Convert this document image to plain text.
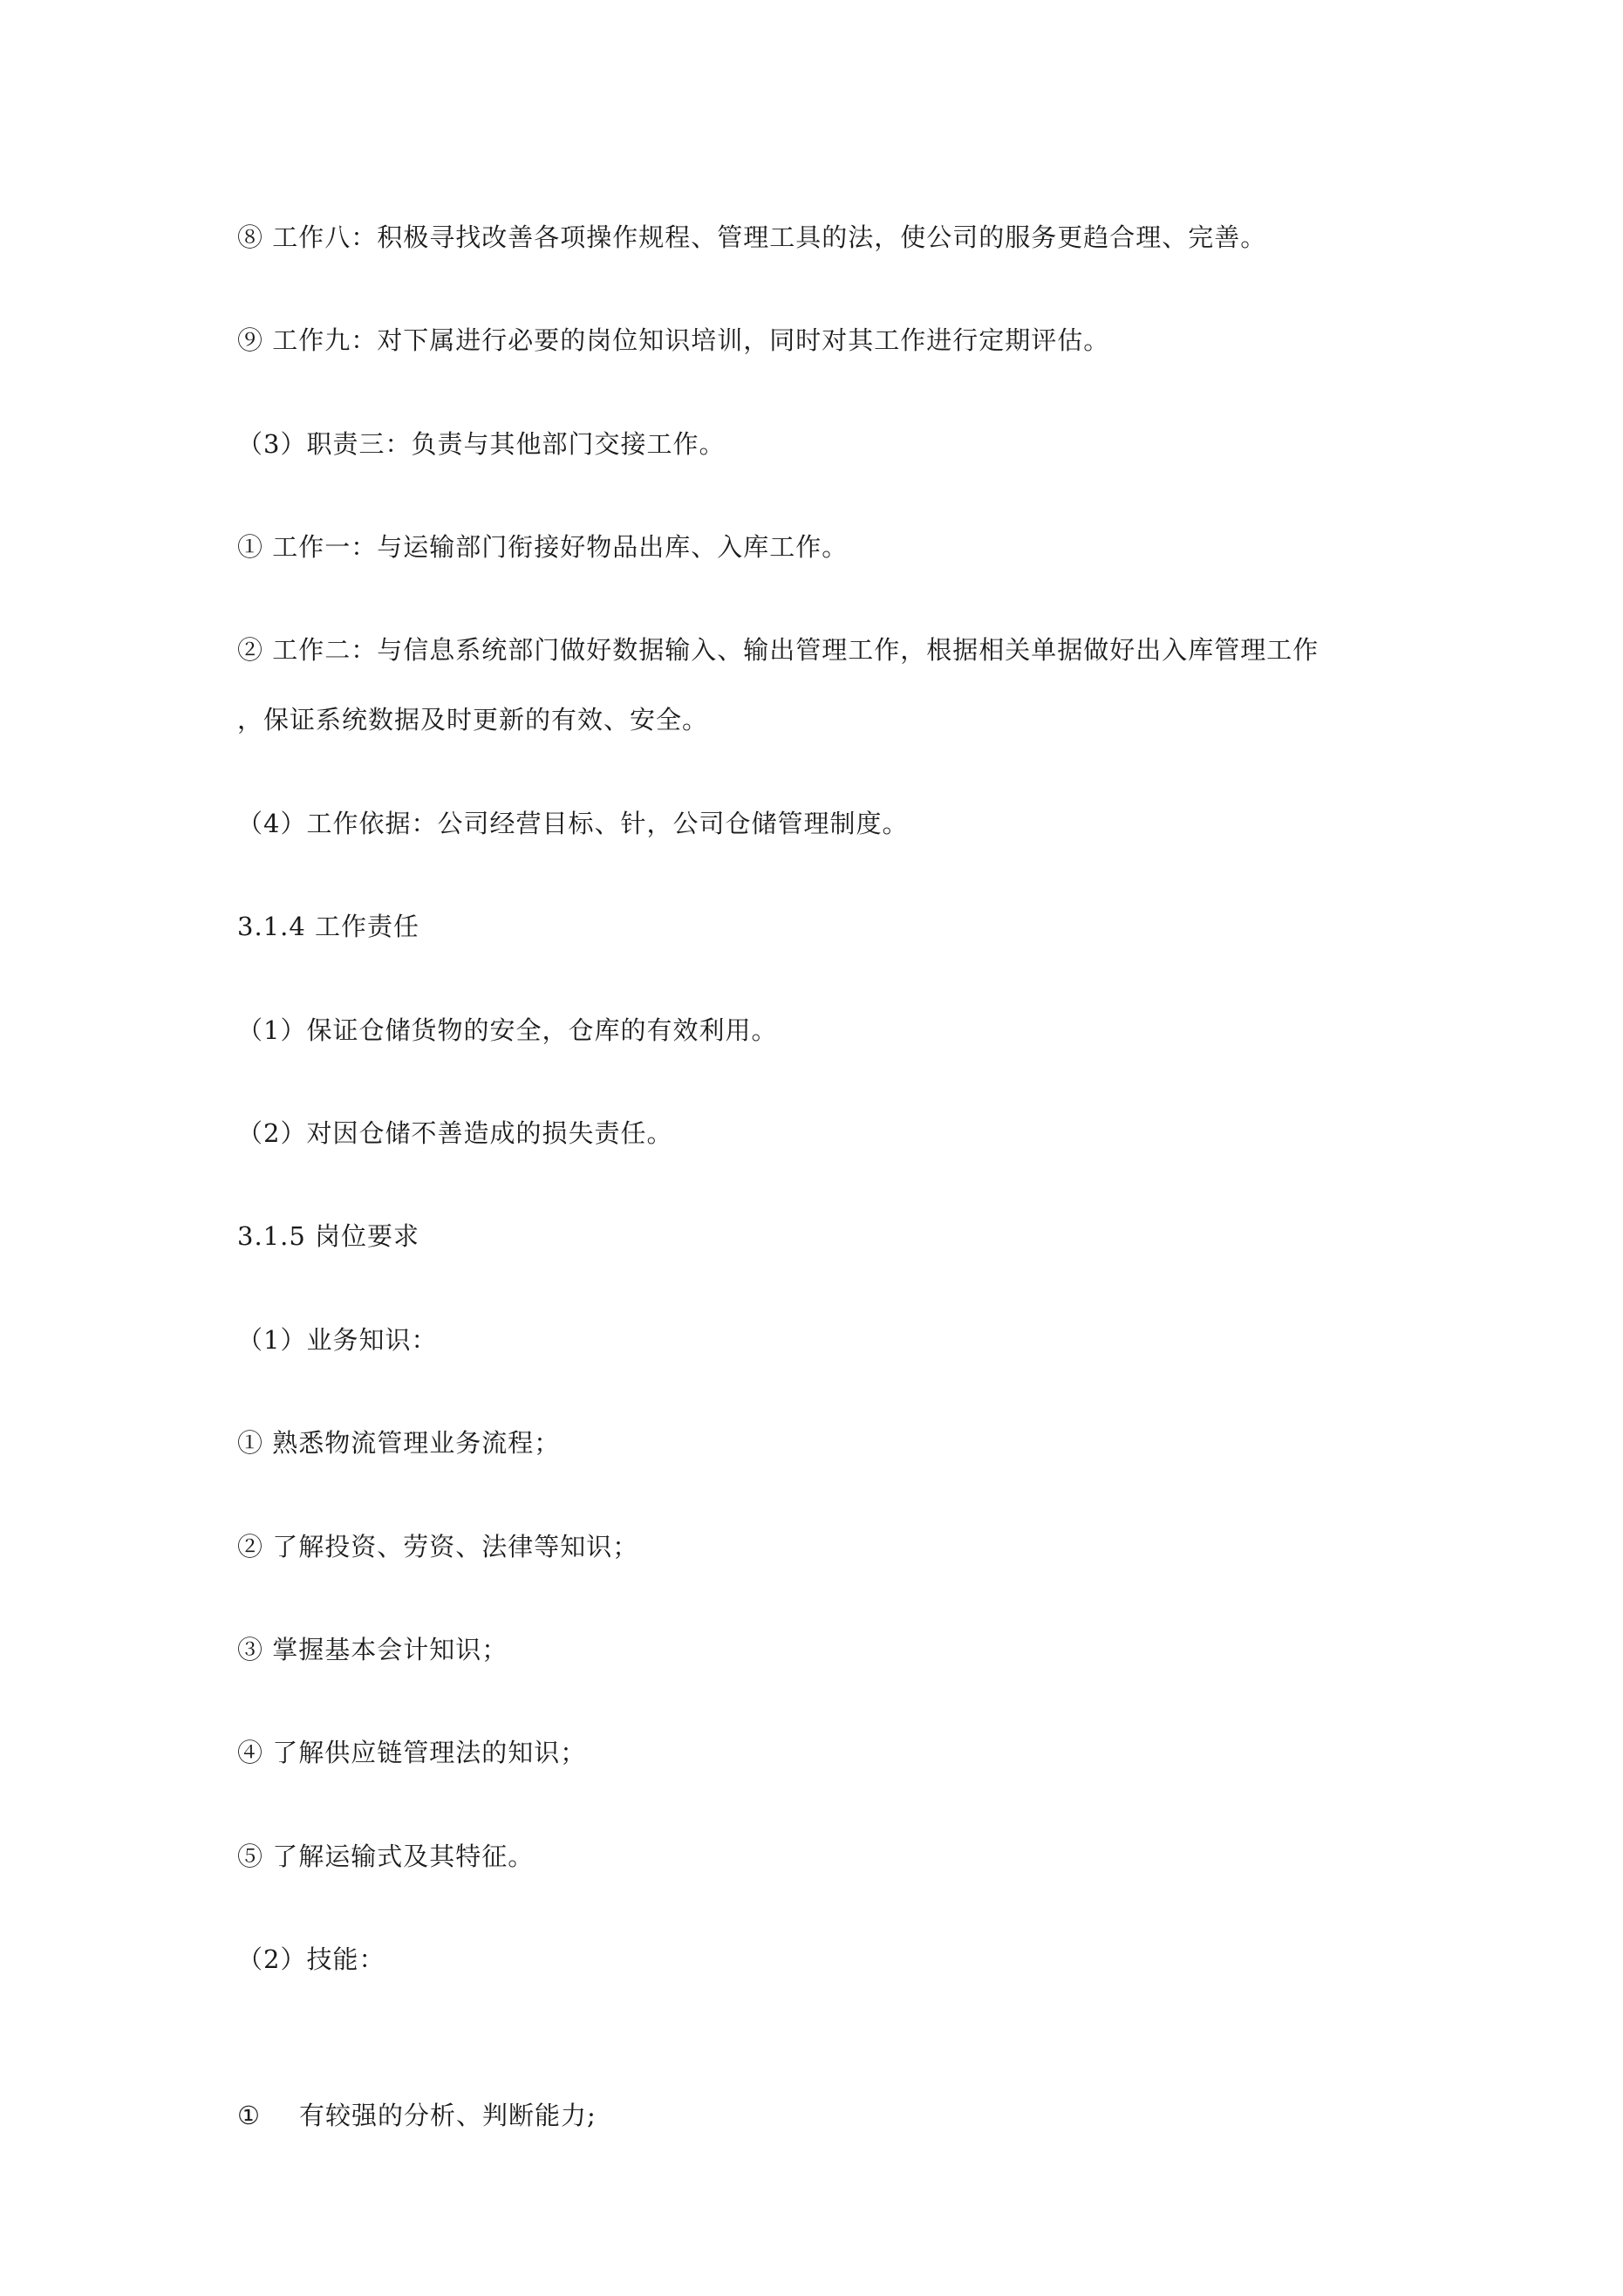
⑧ 工作八：积极寻找改善各项操作规程、管理工具的法，使公司的服务更趋合理、完善。
⑨ 工作九：对下属进行必要的岗位知识培训，同时对其工作进行定期评估。
（3）职责三：负责与其他部门交接工作。
① 工作一：与运输部门衔接好物品出库、入库工作。
② 工作二：与信息系统部门做好数据输入、输出管理工作，根据相关单据做好出入库管理工作
，保证系统数据及时更新的有效、安全。
（4）工作依据：公司经营目标、针，公司仓储管理制度。
3.1.4 工作责任
（1）保证仓储货物的安全，仓库的有效利用。
（2）对因仓储不善造成的损失责任。
3.1.5 岗位要求
（1）业务知识：
① 熟悉物流管理业务流程；
② 了解投资、劳资、法律等知识；
③ 掌握基本会计知识；
④ 了解供应链管理法的知识；
⑤ 了解运输式及其特征。
（2）技能：
① 有较强的分析、判断能力;
